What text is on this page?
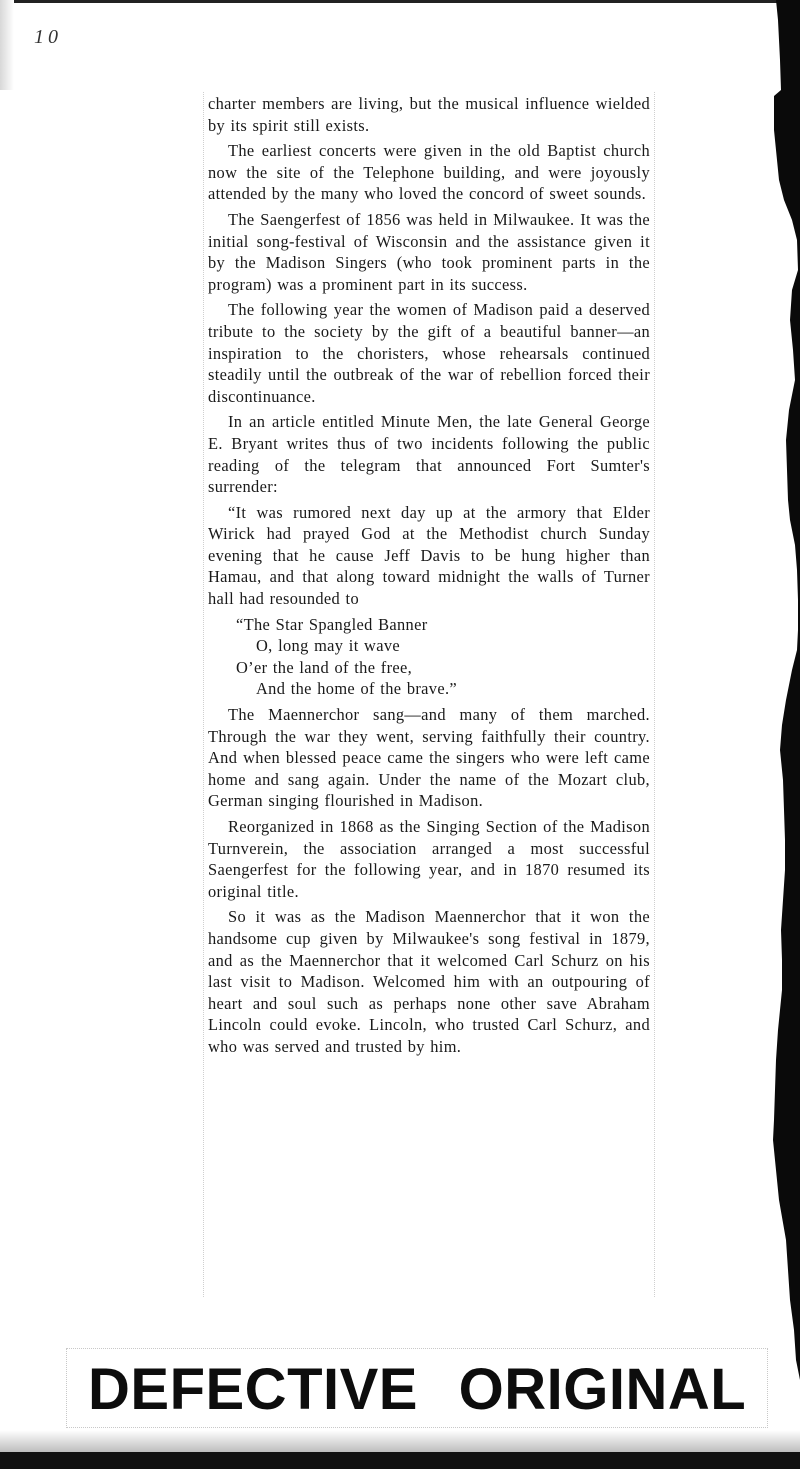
10

charter members are living, but the musical influence wielded by its spirit still exists.

The earliest concerts were given in the old Baptist church now the site of the Telephone building, and were joyously attended by the many who loved the concord of sweet sounds.

The Saengerfest of 1856 was held in Milwaukee. It was the initial song-festival of Wisconsin and the assistance given it by the Madison Singers (who took prominent parts in the program) was a prominent part in its success.

The following year the women of Madison paid a deserved tribute to the society by the gift of a beautiful banner—an inspiration to the choristers, whose rehearsals continued steadily until the outbreak of the war of rebellion forced their discontinuance.

In an article entitled Minute Men, the late General George E. Bryant writes thus of two incidents following the public reading of the telegram that announced Fort Sumter's surrender:

“It was rumored next day up at the armory that Elder Wirick had prayed God at the Methodist church Sunday evening that he cause Jeff Davis to be hung higher than Hamau, and that along toward midnight the walls of Turner hall had resounded to

“The Star Spangled Banner
O, long may it wave
O’er the land of the free,
And the home of the brave.”

The Maennerchor sang—and many of them marched. Through the war they went, serving faithfully their country. And when blessed peace came the singers who were left came home and sang again. Under the name of the Mozart club, German singing flourished in Madison.

Reorganized in 1868 as the Singing Section of the Madison Turnverein, the association arranged a most successful Saengerfest for the following year, and in 1870 resumed its original title.

So it was as the Madison Maennerchor that it won the handsome cup given by Milwaukee's song festival in 1879, and as the Maennerchor that it welcomed Carl Schurz on his last visit to Madison. Welcomed him with an outpouring of heart and soul such as perhaps none other save Abraham Lincoln could evoke. Lincoln, who trusted Carl Schurz, and who was served and trusted by him.

DEFECTIVE ORIGINAL
